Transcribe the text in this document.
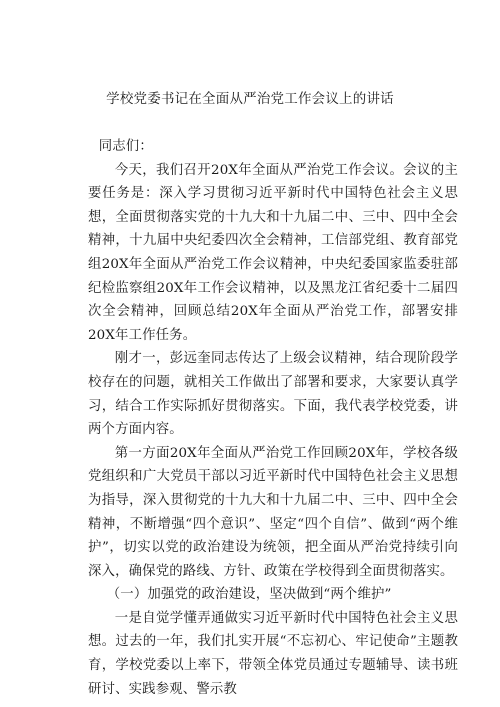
学校党委书记在全面从严治党工作会议上的讲话

同志们：

今天，我们召开20X年全面从严治党工作会议。会议的主要任务是：深入学习贯彻习近平新时代中国特色社会主义思想，全面贯彻落实党的十九大和十九届二中、三中、四中全会精神，十九届中央纪委四次全会精神，工信部党组、教育部党组20X年全面从严治党工作会议精神，中央纪委国家监委驻部纪检监察组20X年工作会议精神，以及黑龙江省纪委十二届四次全会精神，回顾总结20X年全面从严治党工作，部署安排20X年工作任务。

刚才一，彭远奎同志传达了上级会议精神，结合现阶段学校存在的问题，就相关工作做出了部署和要求，大家要认真学习，结合工作实际抓好贯彻落实。下面，我代表学校党委，讲两个方面内容。

第一方面20X年全面从严治党工作回顾20X年，学校各级党组织和广大党员干部以习近平新时代中国特色社会主义思想为指导，深入贯彻党的十九大和十九届二中、三中、四中全会精神，不断增强“四个意识”、坚定“四个自信”、做到“两个维护”，切实以党的政治建设为统领，把全面从严治党持续引向深入，确保党的路线、方针、政策在学校得到全面贯彻落实。

（一）加强党的政治建设，坚决做到“两个维护”

一是自觉学懂弄通做实习近平新时代中国特色社会主义思想。过去的一年，我们扎实开展“不忘初心、牢记使命”主题教育，学校党委以上率下，带领全体党员通过专题辅导、读书班研讨、实践参观、警示教
